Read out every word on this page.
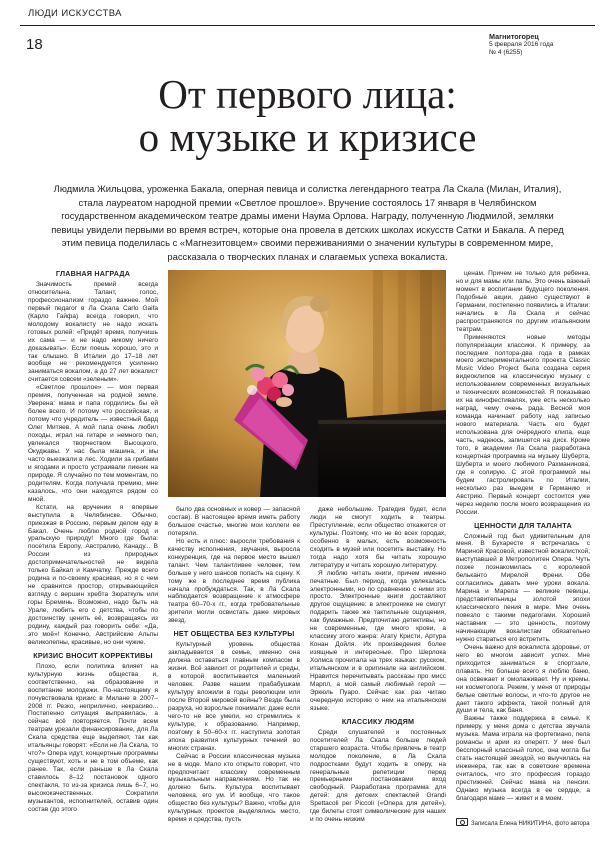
ЛЮДИ ИСКУССТВА
18	Магнитогорец
5 февраля 2016 года
№ 4 (6255)
От первого лица:
о музыке и кризисе
Людмила Жильцова, уроженка Бакала, оперная певица и солистка легендарного театра Ла Скала (Милан, Италия), стала лауреатом народной премии «Светлое прошлое». Вручение состоялось 17 января в Челябинском государственном академическом театре драмы имени Наума Орлова. Наградy, полученную Людмилой, земляки певицы увидели первыми во время встреч, которые она провела в детских школах искусств Сатки и Бакала. А перед этим певица поделилась с «Магнезитовцем» своими переживаниями о значении культуры в современном мире, рассказала о творческих планах и слагаемых успеха вокалиста.
ГЛАВНАЯ НАГРАДА

Значимость премий всегда относительна. Талант, голос, профессионализм гораздо важнее. Мой первый педагог в Ла Скала Carlo Gaifa (Карло Гайфа) всегда говорил, что молодому вокалисту не надо искать готовых ролей: «Придёт время, получишь их сама — и не надо никому ничего доказывать». Если поешь хорошо, это и так слышно. В Италии до 17–18 лет вообще не рекомендуется усиленно заниматься вокалом, а до 27 лет вокалист считается совсем «зеленым».

«Светлое прошлое» — моя первая премия, полученная на родной земле. Уверена: мама и папа гордились бы ей более всего. И потому что российская, и потому что учредитель — известный бард Олег Митяев. А мой папа очень любил походы, играл на гитаре и немного пел, увлекался творчеством Высоцкого, Окуджавы. У нас была машина, и мы часто выезжали в лес. Ходили за грибами и ягодами и просто устраивали пикник на природе. Я случайно по тем моментам, по родителям. Когда получала премию, мне казалось, что они находятся рядом со мной.

Кстати, на вручении я впервые выступила в Челябинске. Обычно, приезжая в Россию, первым делом еду в Бакал. Очень люблю родной город и уральскую природу! Много где была: посетила Европу, Австралию, Канаду... В России из природных достопримечательностей не видела только Байкал и Камчатку. Прежде всего родина и по-своему красивая, но я с чем не сравнится простор, открывающийся взгляду с вершин хребта Зюраткуль или горы Бреминь. Возможно, надо быть на Урале, любить его с детства, чтобы по достоинству ценить её, возвращаясь из родину, каждый раз говорить себе: «Да, это моё»! Конечно, Австрийские Альпы великолепны, красивые, но они чужие.

КРИЗИС ВНОСИТ КОРРЕКТИВЫ

Плохо, если политика влияет на культурную жизнь общества и, соответственно, на образование и воспитание молодежи. По-настоящему я почувствовала кризис в Милане в 2007–2008 гг. Резко, неприлично, некрасиво... Постепенно ситуация выправилась, а сейчас всё повторяется. Почти всем театрам урезали финансирование, для Ла Скала средства еще выделяют, так как итальянцы говорят: «Если не Ла Скала, то что?» Опера идут, концертные программы существуют, хоть и не в том объеме, как ранее. Так, если раньше в Ла Скала ставилось 8–12 постановок одного спектакля, то из-за кризиса лишь 6–7, но высококачественных. Сократили музыкантов, исполнителей, оставив один состав (до этого

было два основных и ковер — запасной состав). В настоящее время иметь работу большое счастье, многие мои коллеги ее потеряли.

Но есть и плюс: выросли требования к качеству исполнения, звучания, выросла конкуренция, где на первое место вышел талант. Чем талантливее человек, тем больше у него шансов попасть на сцену. К тому же в последнее время публика начала пробуждаться. Так, в Ла Скала наблюдается возвращение к атмосфере театра 60–70-х гг., когда требовательные зрители могли освистать даже мировых звезд.

НЕТ ОБЩЕСТВА БЕЗ КУЛЬТУРЫ

Культурный уровень общества закладывается в семье, именно она должна оставаться главным компасом в жизни. Всё зависит от родителей и среды, в которой воспитывается маленький человек. Разве нашим прабабушкам культуру вложили в годы революции или после Второй мировой войны? Везде была разруха, но взрослые понимали: даже если чего-то не все умели, но стремились к культуре, к образованию. Например, поэтому в 50–60-х гг. наступила золотая эпоха развития культурных течений во многих странах.

Сейчас в России классическая музыка не в моде. Мало кто открыто говорит, что предпочитает классику современным музыкальным направлениям. Но так не должно быть. Культура воспитывает человека, его ум. И вообще, что такое общество без культуры? Важно, чтобы для культурных проектов выделялись место, время и средства, пусть

даже небольшие. Трагедия будет, если люди не смогут ходить в театры. Преступление, если общество откажется от культуры. Поэтому, что не во всех городах, особенно в малых, есть возможность сходить в музей или посетить выставку. Но тогда надо хотя бы читать хорошую литературу и читать хорошую литературу.

Я люблю читать книги, причем именно печатные. Был период, когда увлекалась электронными, но по сравнению с ними это просто. Электронные книги доставляют другое ощущение: в электронике не смогут подарить также же тактильные ощущения, как бумажные. Предпочитаю детективы, но не современные, где много крови, а классику этого жанра: Агату Кристи, Артура Конан Дойля. Их произведения более изящные и интересные. Про Шерлока Холмса прочитала на трех языках: русском, итальянском и в оригинале на английском. Нравится перечитывать рассказы про мисс Марпл, а мой самый любимый герой — Эркюль Пуаро. Сейчас как раз читаю очередную историю о нем на итальянском языке.

КЛАССИКУ ЛЮДЯМ

Среди слушателей и постоянных посетителей Ла Скала больше людей старшего возраста. Чтобы привлечь в театр молодое поколение, в Ла Скала подростками будут ходить в оперу, на генеральные репетиции перед премьерными постановками вход свободный. Разработана программа для детей: для детских спектаклей Grandi Spettacoli per Piccoli («Опера для детей»), где билеты стоят символические для наших и по очень низким

ценам. Причем не только для ребенка, но и для мамы или папы. Это очень важный момент в воспитании будущего поколения. Подобные акции, давно существуют в Германии, постепенно появились в Италии: начались в Ла Скала и сейчас распространяются по другим итальянским театрам.

Применяются новые методы популяризации классики. К примеру, за последние полтора-два года в рамках моего экспериментального проекта Classic Music Video Project была создана серия видеоклипов на классическую музыку с использованием современных визуальных и технических возможностей. Я показываю их на кинофестивалях, уже есть несколько наград, чему очень рада. Весной моя команда начинает работу над записью нового материала. Часть его будет использована для очередного клипа, еще часть, надеюсь, запишется на диск. Кроме того, в академии Ла Скала разработана концертная программа на музыку Шуберта, Шуберта и моего любимого Рахманинова, где я солирую. С этой программой мы будем гастролировать по Италии, несколько раз выедем в Германию и Австрию. Первый концерт состоится уже через неделю после моего возвращения из России.

ЦЕННОСТИ ДЛЯ ТАЛАНТА

Сложный год был удивительным для меня. В Бухаресте я встречалась с Мариной Красовой, известной вокалисткой, выступавшей в Метрополитен Опера. Чуть позже познакомилась с королевой бельканто Мирелой Френи. Обе согласились давать мне уроки вокала. Марина и Марела — великие певицы, представительницы золотой эпохи классического пения в мире. Мне очень повезло с такими педагогами. Хороший наставник — это ценность, поэтому начинающим вокалистам обязательно нужно стараться его встретить.

Очень важно для вокалиста здоровье, от него во многом зависит успех. Мне приходится заниматься в спортзале, плавать. Но больше всего я люблю баню, она освежает и омолаживает. Ну и кремы, ни косметолога. Режим, у меня от природы белые светлые волосы, и что-то другое не дает такого эффекта, такой полный для души и тела, как баня.

Важны также поддержка в семье. К примеру, у меня дома с детства звучала музыка. Мама играла на фортепиано, пела романсы и арии из оперетт. У мее был бесспорный классный голос, она могла бы стать настоящей звездой, но выучилась на инженера, так как в советские времена считалось, что это профессия гораздо престижней. Сейчас мама на пенсии. Однако музыка всегда в ее сердце, а благодаря маме — живет и в моем.

Записала Елена НИКИТИНА, фото автора
